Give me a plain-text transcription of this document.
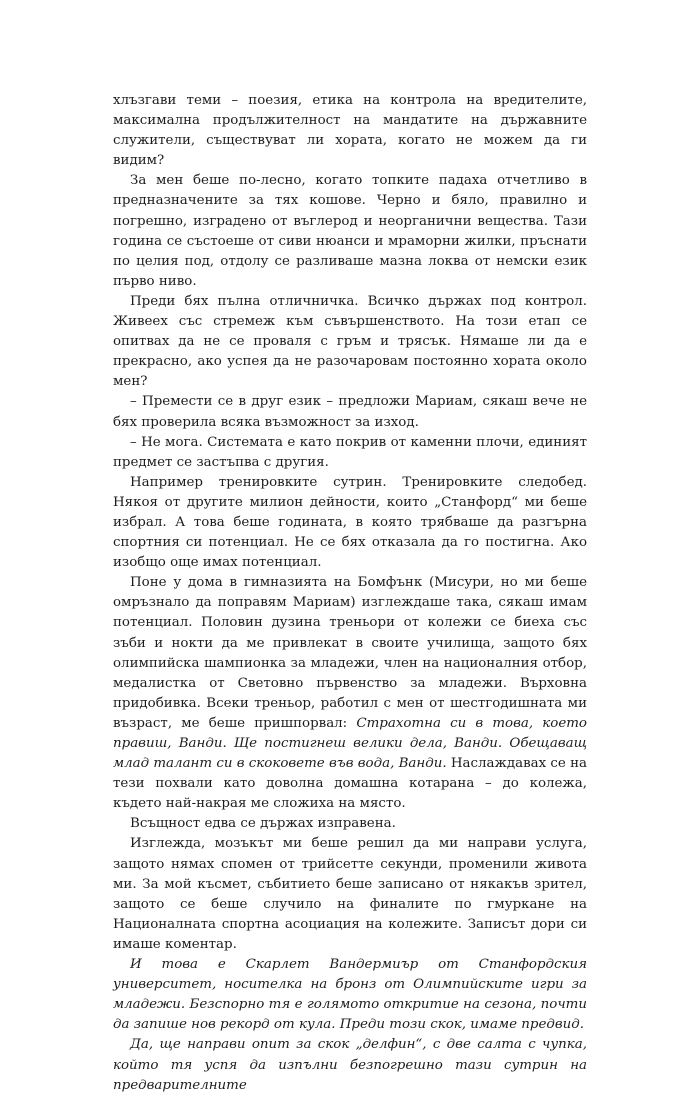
хлъзгави теми – поезия, етика на контрола на вредителите, максимална продължителност на мандатите на държавните служители, съществуват ли хората, когато не можем да ги видим?

За мен беше по-лесно, когато топките падаха отчетливо в предназначените за тях кошове. Черно и бяло, правилно и погрешно, изградено от въглерод и неорганични вещества. Тази година се състоеше от сиви нюанси и мраморни жилки, пръснати по целия под, отдолу се разливаше мазна локва от немски език първо ниво.

Преди бях пълна отличничка. Всичко държах под контрол. Живеех със стремеж към съвършенството. На този етап се опитвах да не се проваля с гръм и трясък. Нямаше ли да е прекрасно, ако успея да не разочаровам постоянно хората около мен?

– Премести се в друг език – предложи Мариам, сякаш вече не бях проверила всяка възможност за изход.

– Не мога. Системата е като покрив от каменни плочи, единият предмет се застъпва с другия.

Например тренировките сутрин. Тренировките следобед. Някоя от другите милион дейности, които „Станфорд“ ми беше избрал. А това беше годината, в която трябваше да разгърна спортния си потенциал. Не се бях отказала да го постигна. Ако изобщо още имах потенциал.

Поне у дома в гимназията на Бомфънк (Мисури, но ми беше омръзнало да поправям Мариам) изглеждаше така, сякаш имам потенциал. Половин дузина треньори от колежи се биеха със зъби и нокти да ме привлекат в своите училища, защото бях олимпийска шампионка за младежи, член на националния отбор, медалистка от Световно първенство за младежи. Върховна придобивка. Всеки треньор, работил с мен от шестгодишната ми възраст, ме беше пришпорвал: Страхотна си в това, което правиш, Ванди. Ще постигнеш велики дела, Ванди. Обещаващ млад талант си в скоковете във вода, Ванди. Наслаждавах се на тези похвали като доволна домашна котарана – до колежа, където най-накрая ме сложиха на място.

Всъщност едва се държах изправена.

Изглежда, мозъкът ми беше решил да ми направи услуга, защото нямах спомен от трийсетте секунди, променили живота ми. За мой късмет, събитието беше записано от някакъв зрител, защото се беше случило на финалите по гмуркане на Националната спортна асоциация на колежите. Записът дори си имаше коментар.

И това е Скарлет Вандермиър от Станфордския университет, носителка на бронз от Олимпийските игри за младежи. Безспорно тя е голямото откритие на сезона, почти да запише нов рекорд от кула. Преди този скок, имаме предвид.

Да, ще направи опит за скок „делфин“, с две салта с чупка, който тя успя да изпълни безпогрешно тази сутрин на предварителните
